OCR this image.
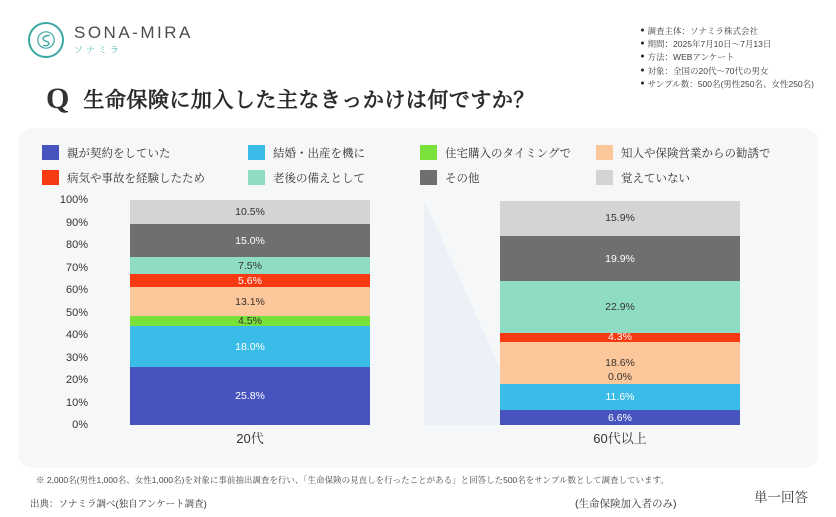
SONA-MIRA
ソナミラ
● 調査主体：ソナミラ株式会社
● 期間：2025年7月10日〜7月13日
● 方法：WEBアンケート
● 対象：全国の20代〜70代の男女
● サンプル数：500名(男性250名、女性250名)
Q 生命保険に加入した主なきっかけは何ですか？
親が契約をしていた	結婚・出産を機に	住宅購入のタイミングで	知人や保険営業からの勧誘で
病気や事故を経験したため	老後の備えとして	その他	覚えていない
0%
10%
20%
30%
40%
50%
60%
70%
80%
90%
100%
10.5%
15.0%
7.5%
5.6%
13.1%
4.5%
18.0%
25.8%
15.9%
19.9%
22.9%
4.3%
18.6%
11.6%
6.6%
0.0%
20代	60代以上
※ 2,000名(男性1,000名、女性1,000名)を対象に事前抽出調査を行い、「生命保険の見直しを行ったことがある」と回答した500名をサンプル数として調査しています。
出典：ソナミラ調べ(独自アンケート調査)	(生命保険加入者のみ)	単一回答
